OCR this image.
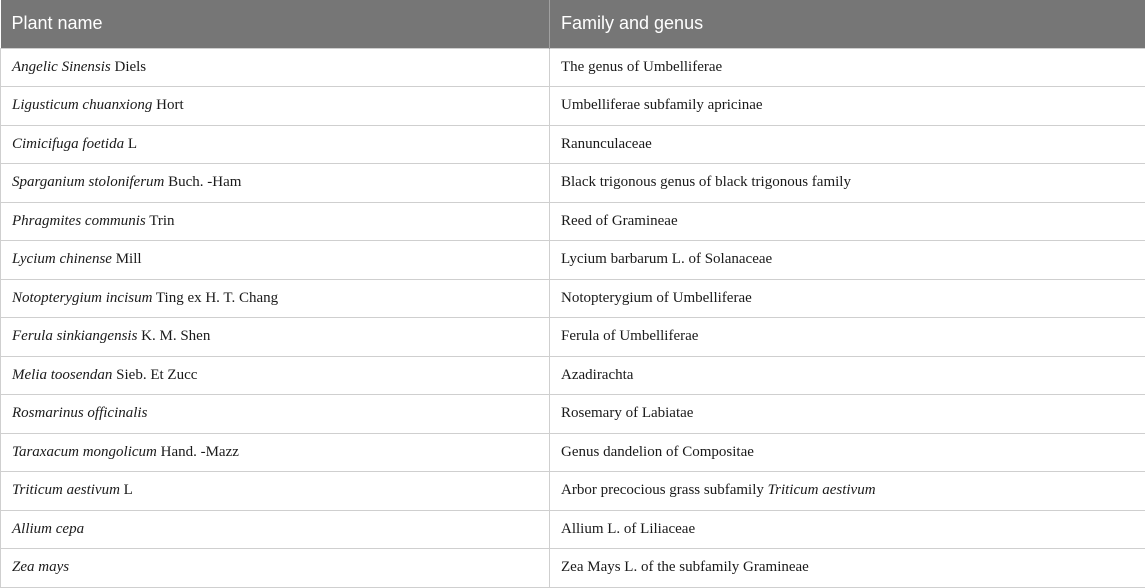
Plant name	Family and genus
Angelic Sinensis Diels	The genus of Umbelliferae
Ligusticum chuanxiong Hort	Umbelliferae subfamily apricinae
Cimicifuga foetida L	Ranunculaceae
Sparganium stoloniferum Buch. -Ham	Black trigonous genus of black trigonous family
Phragmites communis Trin	Reed of Gramineae
Lycium chinense Mill	Lycium barbarum L. of Solanaceae
Notopterygium incisum Ting ex H. T. Chang	Notopterygium of Umbelliferae
Ferula sinkiangensis K. M. Shen	Ferula of Umbelliferae
Melia toosendan Sieb. Et Zucc	Azadirachta
Rosmarinus officinalis	Rosemary of Labiatae
Taraxacum mongolicum Hand. -Mazz	Genus dandelion of Compositae
Triticum aestivum L	Arbor precocious grass subfamily Triticum aestivum
Allium cepa	Allium L. of Liliaceae
Zea mays	Zea Mays L. of the subfamily Gramineae
